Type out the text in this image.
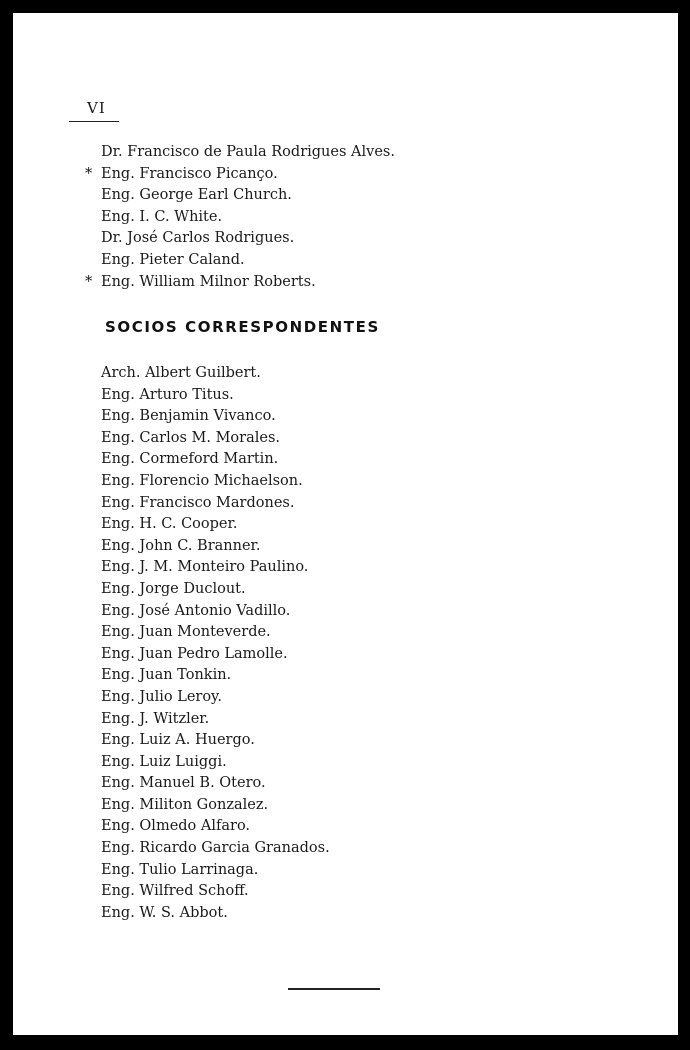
VI
Dr. Francisco de Paula Rodrigues Alves.
* Eng. Francisco Picanço.
Eng. George Earl Church.
Eng. I. C. White.
Dr. José Carlos Rodrigues.
Eng. Pieter Caland.
* Eng. William Milnor Roberts.
SOCIOS CORRESPONDENTES
Arch. Albert Guilbert.
Eng. Arturo Titus.
Eng. Benjamin Vivanco.
Eng. Carlos M. Morales.
Eng. Cormeford Martin.
Eng. Florencio Michaelson.
Eng. Francisco Mardones.
Eng. H. C. Cooper.
Eng. John C. Branner.
Eng. J. M. Monteiro Paulino.
Eng. Jorge Duclout.
Eng. José Antonio Vadillo.
Eng. Juan Monteverde.
Eng. Juan Pedro Lamolle.
Eng. Juan Tonkin.
Eng. Julio Leroy.
Eng. J. Witzler.
Eng. Luiz A. Huergo.
Eng. Luiz Luiggi.
Eng. Manuel B. Otero.
Eng. Militon Gonzalez.
Eng. Olmedo Alfaro.
Eng. Ricardo Garcia Granados.
Eng. Tulio Larrinaga.
Eng. Wilfred Schoff.
Eng. W. S. Abbot.
